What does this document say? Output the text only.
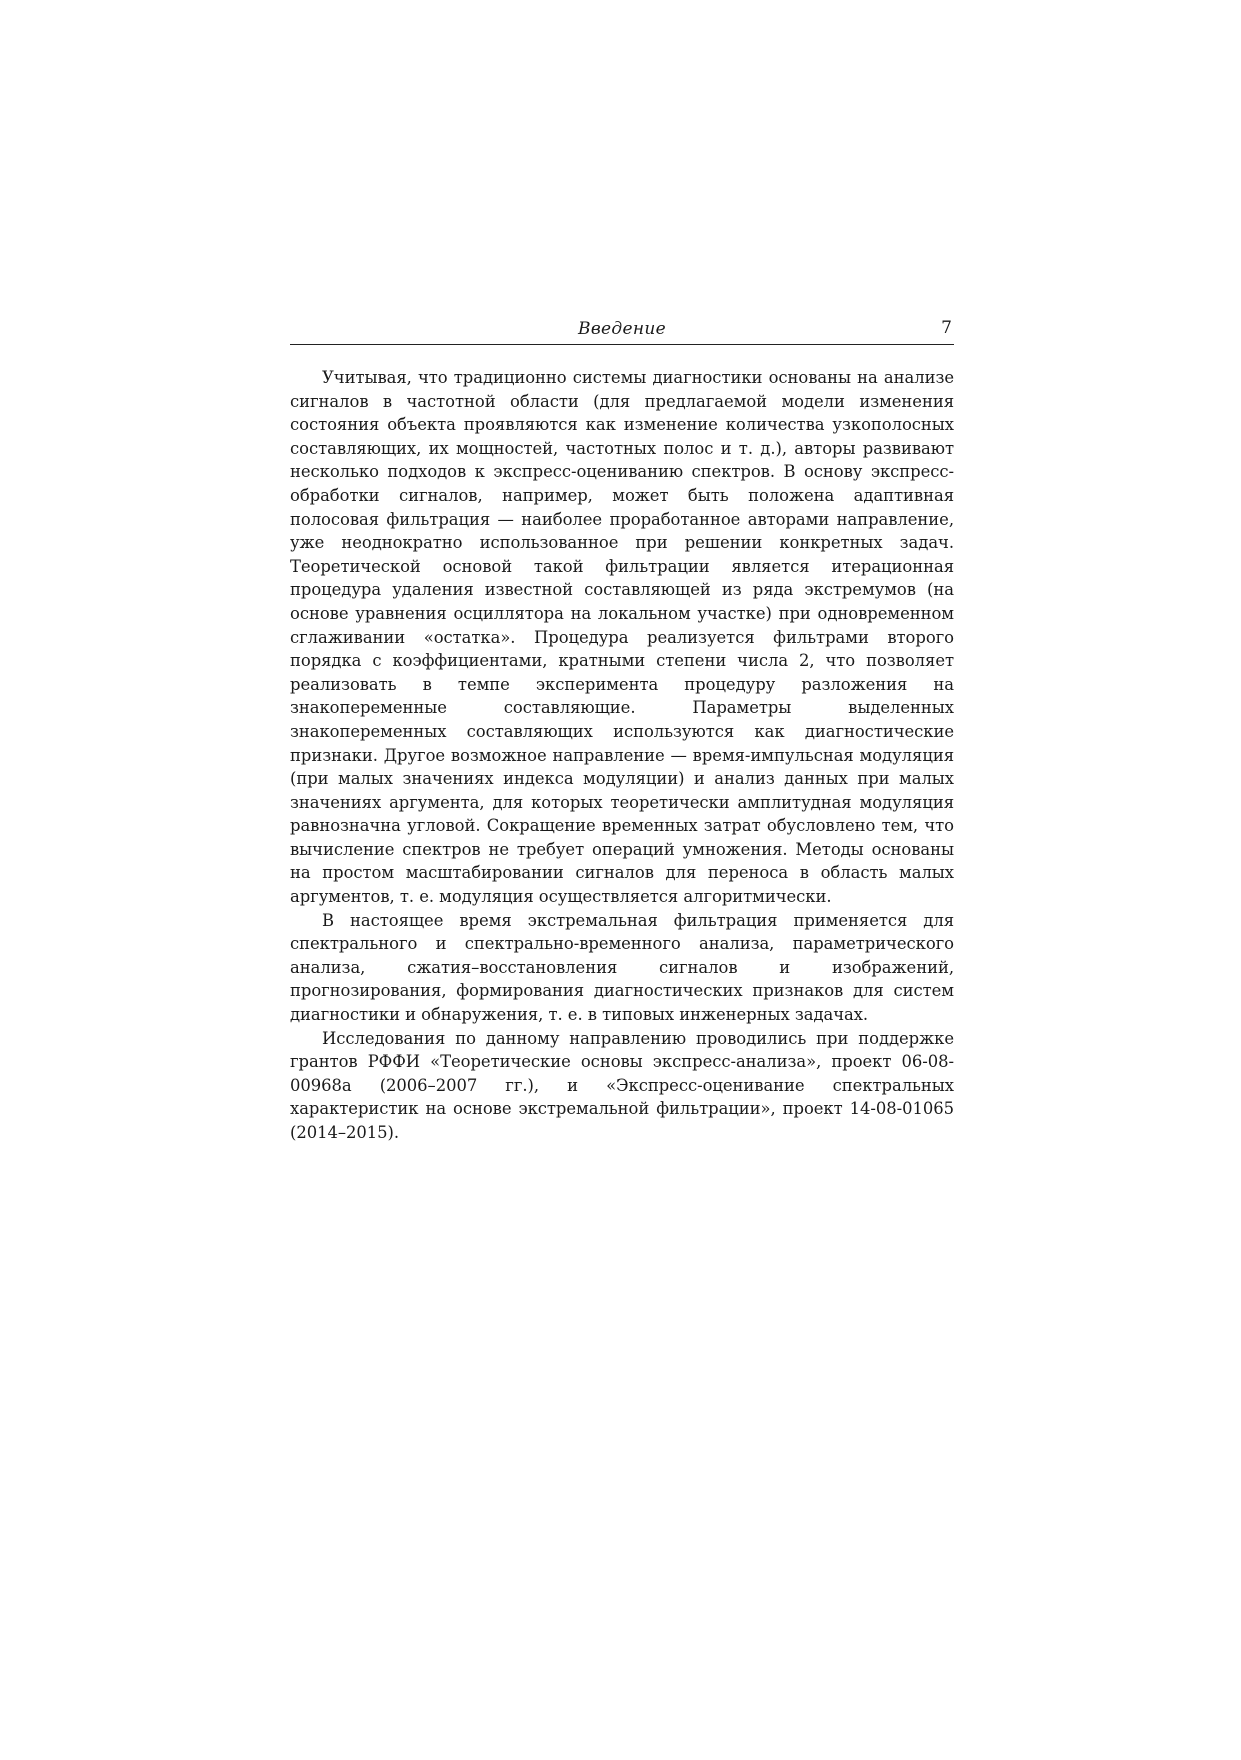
Введение	7

Учитывая, что традиционно системы диагностики основаны на анализе сигналов в частотной области (для предлагаемой модели изменения состояния объекта проявляются как изменение количества узкополосных составляющих, их мощностей, частотных полос и т. д.), авторы развивают несколько подходов к экспресс-оцениванию спектров. В основу экспресс-обработки сигналов, например, может быть положена адаптивная полосовая фильтрация — наиболее проработанное авторами направление, уже неоднократно использованное при решении конкретных задач. Теоретической основой такой фильтрации является итерационная процедура удаления известной составляющей из ряда экстремумов (на основе уравнения осциллятора на локальном участке) при одновременном сглаживании «остатка». Процедура реализуется фильтрами второго порядка с коэффициентами, кратными степени числа 2, что позволяет реализовать в темпе эксперимента процедуру разложения на знакопеременные составляющие. Параметры выделенных знакопеременных составляющих используются как диагностические признаки. Другое возможное направление — время-импульсная модуляция (при малых значениях индекса модуляции) и анализ данных при малых значениях аргумента, для которых теоретически амплитудная модуляция равнозначна угловой. Сокращение временных затрат обусловлено тем, что вычисление спектров не требует операций умножения. Методы основаны на простом масштабировании сигналов для переноса в область малых аргументов, т. е. модуляция осуществляется алгоритмически.

В настоящее время экстремальная фильтрация применяется для спектрального и спектрально-временного анализа, параметрического анализа, сжатия–восстановления сигналов и изображений, прогнозирования, формирования диагностических признаков для систем диагностики и обнаружения, т. е. в типовых инженерных задачах.

Исследования по данному направлению проводились при поддержке грантов РФФИ «Теоретические основы экспресс-анализа», проект 06-08-00968а (2006–2007 гг.), и «Экспресс-оценивание спектральных характеристик на основе экстремальной фильтрации», проект 14-08-01065 (2014–2015).
